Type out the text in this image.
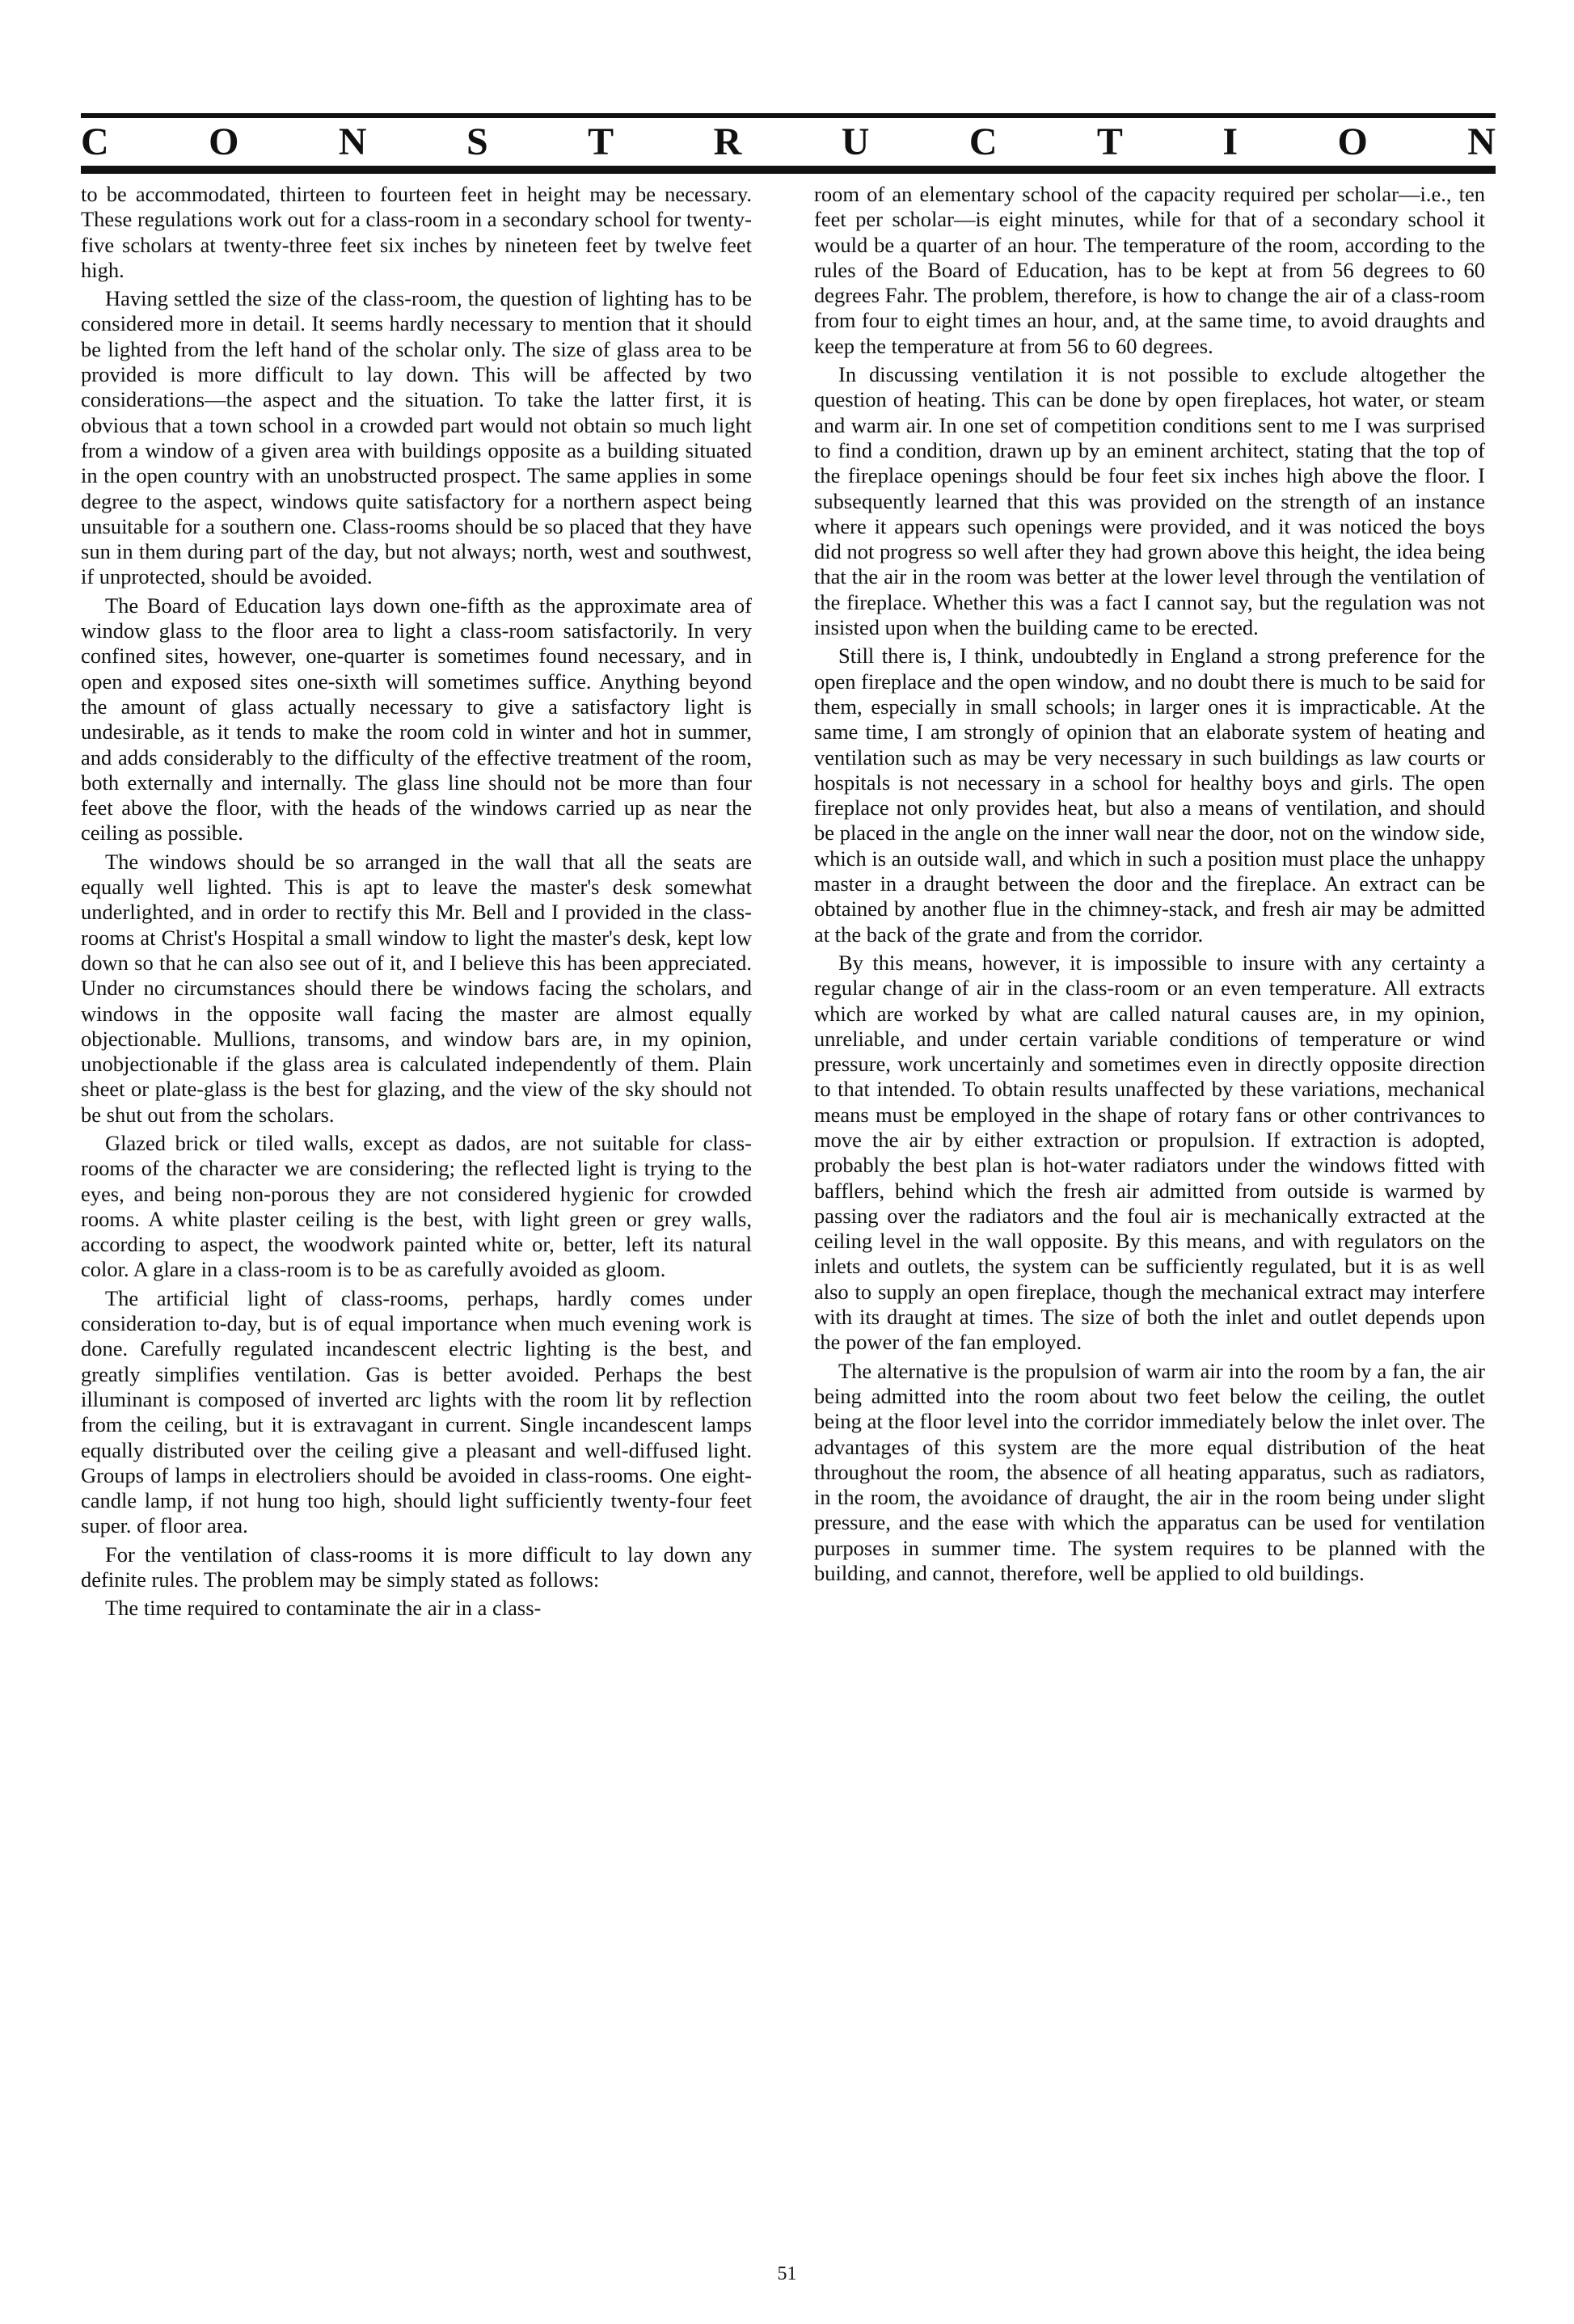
C	O	N	S	T	R	U	C	T	I	O	N

to be accommodated, thirteen to fourteen feet in height may be necessary. These regulations work out for a class-room in a secondary school for twenty-five scholars at twenty-three feet six inches by nineteen feet by twelve feet high.

Having settled the size of the class-room, the question of lighting has to be considered more in detail. It seems hardly necessary to mention that it should be lighted from the left hand of the scholar only. The size of glass area to be provided is more difficult to lay down. This will be affected by two considerations—the aspect and the situation. To take the latter first, it is obvious that a town school in a crowded part would not obtain so much light from a window of a given area with buildings opposite as a building situated in the open country with an unobstructed prospect. The same applies in some degree to the aspect, windows quite satisfactory for a northern aspect being unsuitable for a southern one. Class-rooms should be so placed that they have sun in them during part of the day, but not always; north, west and southwest, if unprotected, should be avoided.

The Board of Education lays down one-fifth as the approximate area of window glass to the floor area to light a class-room satisfactorily. In very confined sites, however, one-quarter is sometimes found necessary, and in open and exposed sites one-sixth will sometimes suffice. Anything beyond the amount of glass actually necessary to give a satisfactory light is undesirable, as it tends to make the room cold in winter and hot in summer, and adds considerably to the difficulty of the effective treatment of the room, both externally and internally. The glass line should not be more than four feet above the floor, with the heads of the windows carried up as near the ceiling as possible.

The windows should be so arranged in the wall that all the seats are equally well lighted. This is apt to leave the master's desk somewhat underlighted, and in order to rectify this Mr. Bell and I provided in the class-rooms at Christ's Hospital a small window to light the master's desk, kept low down so that he can also see out of it, and I believe this has been appreciated. Under no circumstances should there be windows facing the scholars, and windows in the opposite wall facing the master are almost equally objectionable. Mullions, transoms, and window bars are, in my opinion, unobjectionable if the glass area is calculated independently of them. Plain sheet or plate-glass is the best for glazing, and the view of the sky should not be shut out from the scholars.

Glazed brick or tiled walls, except as dados, are not suitable for class-rooms of the character we are considering; the reflected light is trying to the eyes, and being non-porous they are not considered hygienic for crowded rooms. A white plaster ceiling is the best, with light green or grey walls, according to aspect, the woodwork painted white or, better, left its natural color. A glare in a class-room is to be as carefully avoided as gloom.

The artificial light of class-rooms, perhaps, hardly comes under consideration to-day, but is of equal importance when much evening work is done. Carefully regulated incandescent electric lighting is the best, and greatly simplifies ventilation. Gas is better avoided. Perhaps the best illuminant is composed of inverted arc lights with the room lit by reflection from the ceiling, but it is extravagant in current. Single incandescent lamps equally distributed over the ceiling give a pleasant and well-diffused light. Groups of lamps in electroliers should be avoided in class-rooms. One eight-candle lamp, if not hung too high, should light sufficiently twenty-four feet super. of floor area.

For the ventilation of class-rooms it is more difficult to lay down any definite rules. The problem may be simply stated as follows:

The time required to contaminate the air in a class-

room of an elementary school of the capacity required per scholar—i.e., ten feet per scholar—is eight minutes, while for that of a secondary school it would be a quarter of an hour. The temperature of the room, according to the rules of the Board of Education, has to be kept at from 56 degrees to 60 degrees Fahr. The problem, therefore, is how to change the air of a class-room from four to eight times an hour, and, at the same time, to avoid draughts and keep the temperature at from 56 to 60 degrees.

In discussing ventilation it is not possible to exclude altogether the question of heating. This can be done by open fireplaces, hot water, or steam and warm air. In one set of competition conditions sent to me I was surprised to find a condition, drawn up by an eminent architect, stating that the top of the fireplace openings should be four feet six inches high above the floor. I subsequently learned that this was provided on the strength of an instance where it appears such openings were provided, and it was noticed the boys did not progress so well after they had grown above this height, the idea being that the air in the room was better at the lower level through the ventilation of the fireplace. Whether this was a fact I cannot say, but the regulation was not insisted upon when the building came to be erected.

Still there is, I think, undoubtedly in England a strong preference for the open fireplace and the open window, and no doubt there is much to be said for them, especially in small schools; in larger ones it is impracticable. At the same time, I am strongly of opinion that an elaborate system of heating and ventilation such as may be very necessary in such buildings as law courts or hospitals is not necessary in a school for healthy boys and girls. The open fireplace not only provides heat, but also a means of ventilation, and should be placed in the angle on the inner wall near the door, not on the window side, which is an outside wall, and which in such a position must place the unhappy master in a draught between the door and the fireplace. An extract can be obtained by another flue in the chimney-stack, and fresh air may be admitted at the back of the grate and from the corridor.

By this means, however, it is impossible to insure with any certainty a regular change of air in the class-room or an even temperature. All extracts which are worked by what are called natural causes are, in my opinion, unreliable, and under certain variable conditions of temperature or wind pressure, work uncertainly and sometimes even in directly opposite direction to that intended. To obtain results unaffected by these variations, mechanical means must be employed in the shape of rotary fans or other contrivances to move the air by either extraction or propulsion. If extraction is adopted, probably the best plan is hot-water radiators under the windows fitted with bafflers, behind which the fresh air admitted from outside is warmed by passing over the radiators and the foul air is mechanically extracted at the ceiling level in the wall opposite. By this means, and with regulators on the inlets and outlets, the system can be sufficiently regulated, but it is as well also to supply an open fireplace, though the mechanical extract may interfere with its draught at times. The size of both the inlet and outlet depends upon the power of the fan employed.

The alternative is the propulsion of warm air into the room by a fan, the air being admitted into the room about two feet below the ceiling, the outlet being at the floor level into the corridor immediately below the inlet over. The advantages of this system are the more equal distribution of the heat throughout the room, the absence of all heating apparatus, such as radiators, in the room, the avoidance of draught, the air in the room being under slight pressure, and the ease with which the apparatus can be used for ventilation purposes in summer time. The system requires to be planned with the building, and cannot, therefore, well be applied to old buildings.

51
